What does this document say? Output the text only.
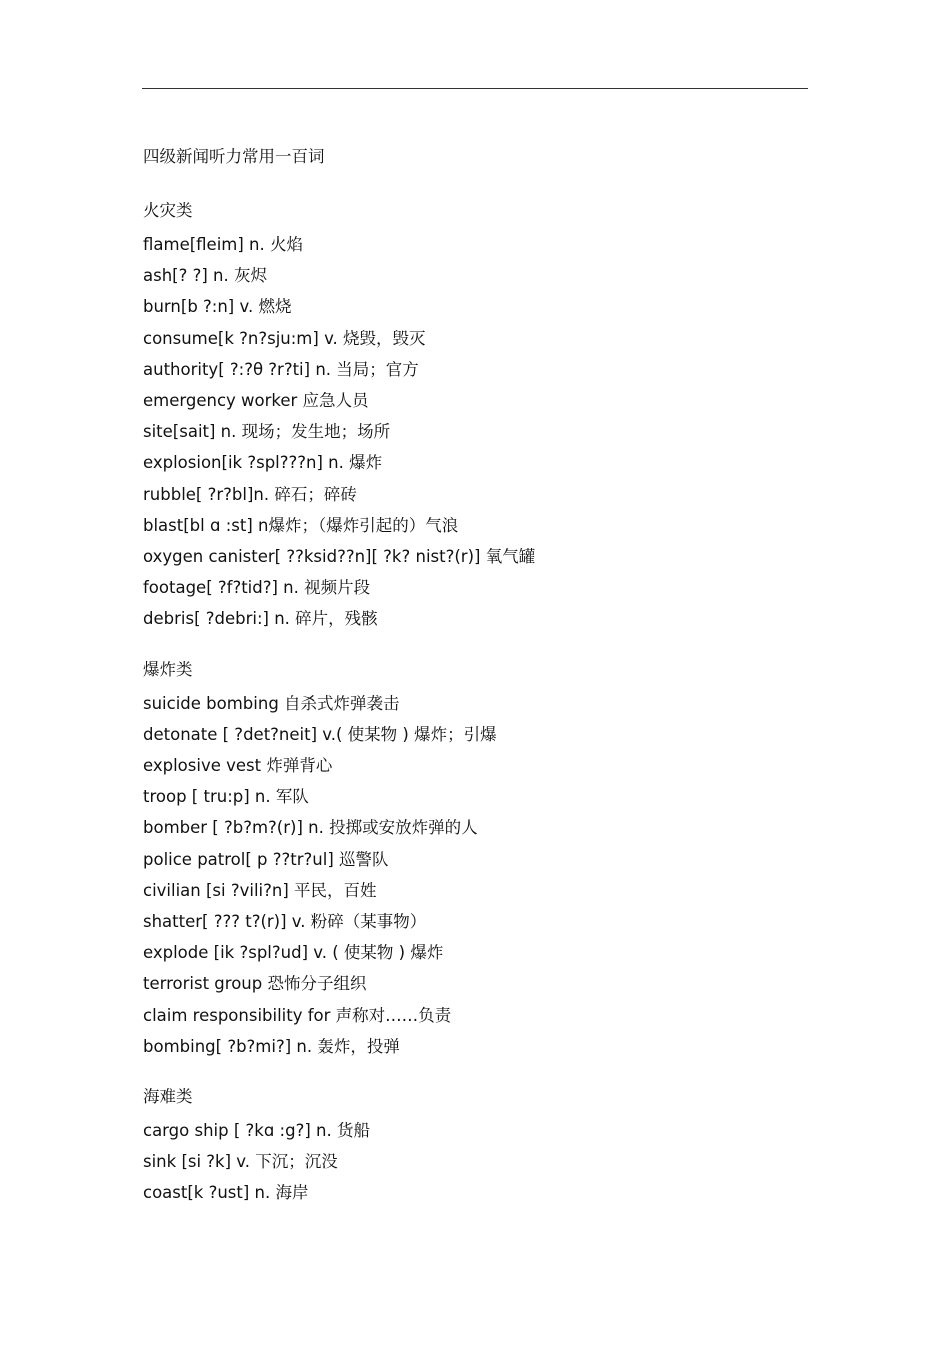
四级新闻听力常用一百词
火灾类
flame[fleim] n. 火焰
ash[? ?] n. 灰烬
burn[b ?:n] v. 燃烧
consume[k ?n?sju:m] v. 烧毁，毁灭
authority[ ?:?θ ?r?ti] n. 当局；官方
emergency worker 应急人员
site[sait] n. 现场；发生地；场所
explosion[ik ?spl???n] n. 爆炸
rubble[ ?r?bl]n. 碎石；碎砖
blast[bl ɑ :st] n爆炸；（爆炸引起的）气浪
oxygen canister[ ??ksid??n][ ?k? nist?(r)] 氧气罐
footage[ ?f?tid?] n. 视频片段
debris[ ?debri:] n. 碎片，残骸
爆炸类
suicide bombing 自杀式炸弹袭击
detonate [ ?det?neit] v.( 使某物 ) 爆炸；引爆
explosive vest 炸弹背心
troop [ tru:p] n. 军队
bomber [ ?b?m?(r)] n. 投掷或安放炸弹的人
police patrol[ p ??tr?ul] 巡警队
civilian [si ?vili?n] 平民，百姓
shatter[ ??? t?(r)] v. 粉碎（某事物）
explode [ik ?spl?ud] v. ( 使某物 ) 爆炸
terrorist group 恐怖分子组织
claim responsibility for 声称对……负责
bombing[ ?b?mi?] n. 轰炸，投弹
海难类
cargo ship [ ?kɑ :g?] n. 货船
sink [si ?k] v. 下沉；沉没
coast[k ?ust] n. 海岸
